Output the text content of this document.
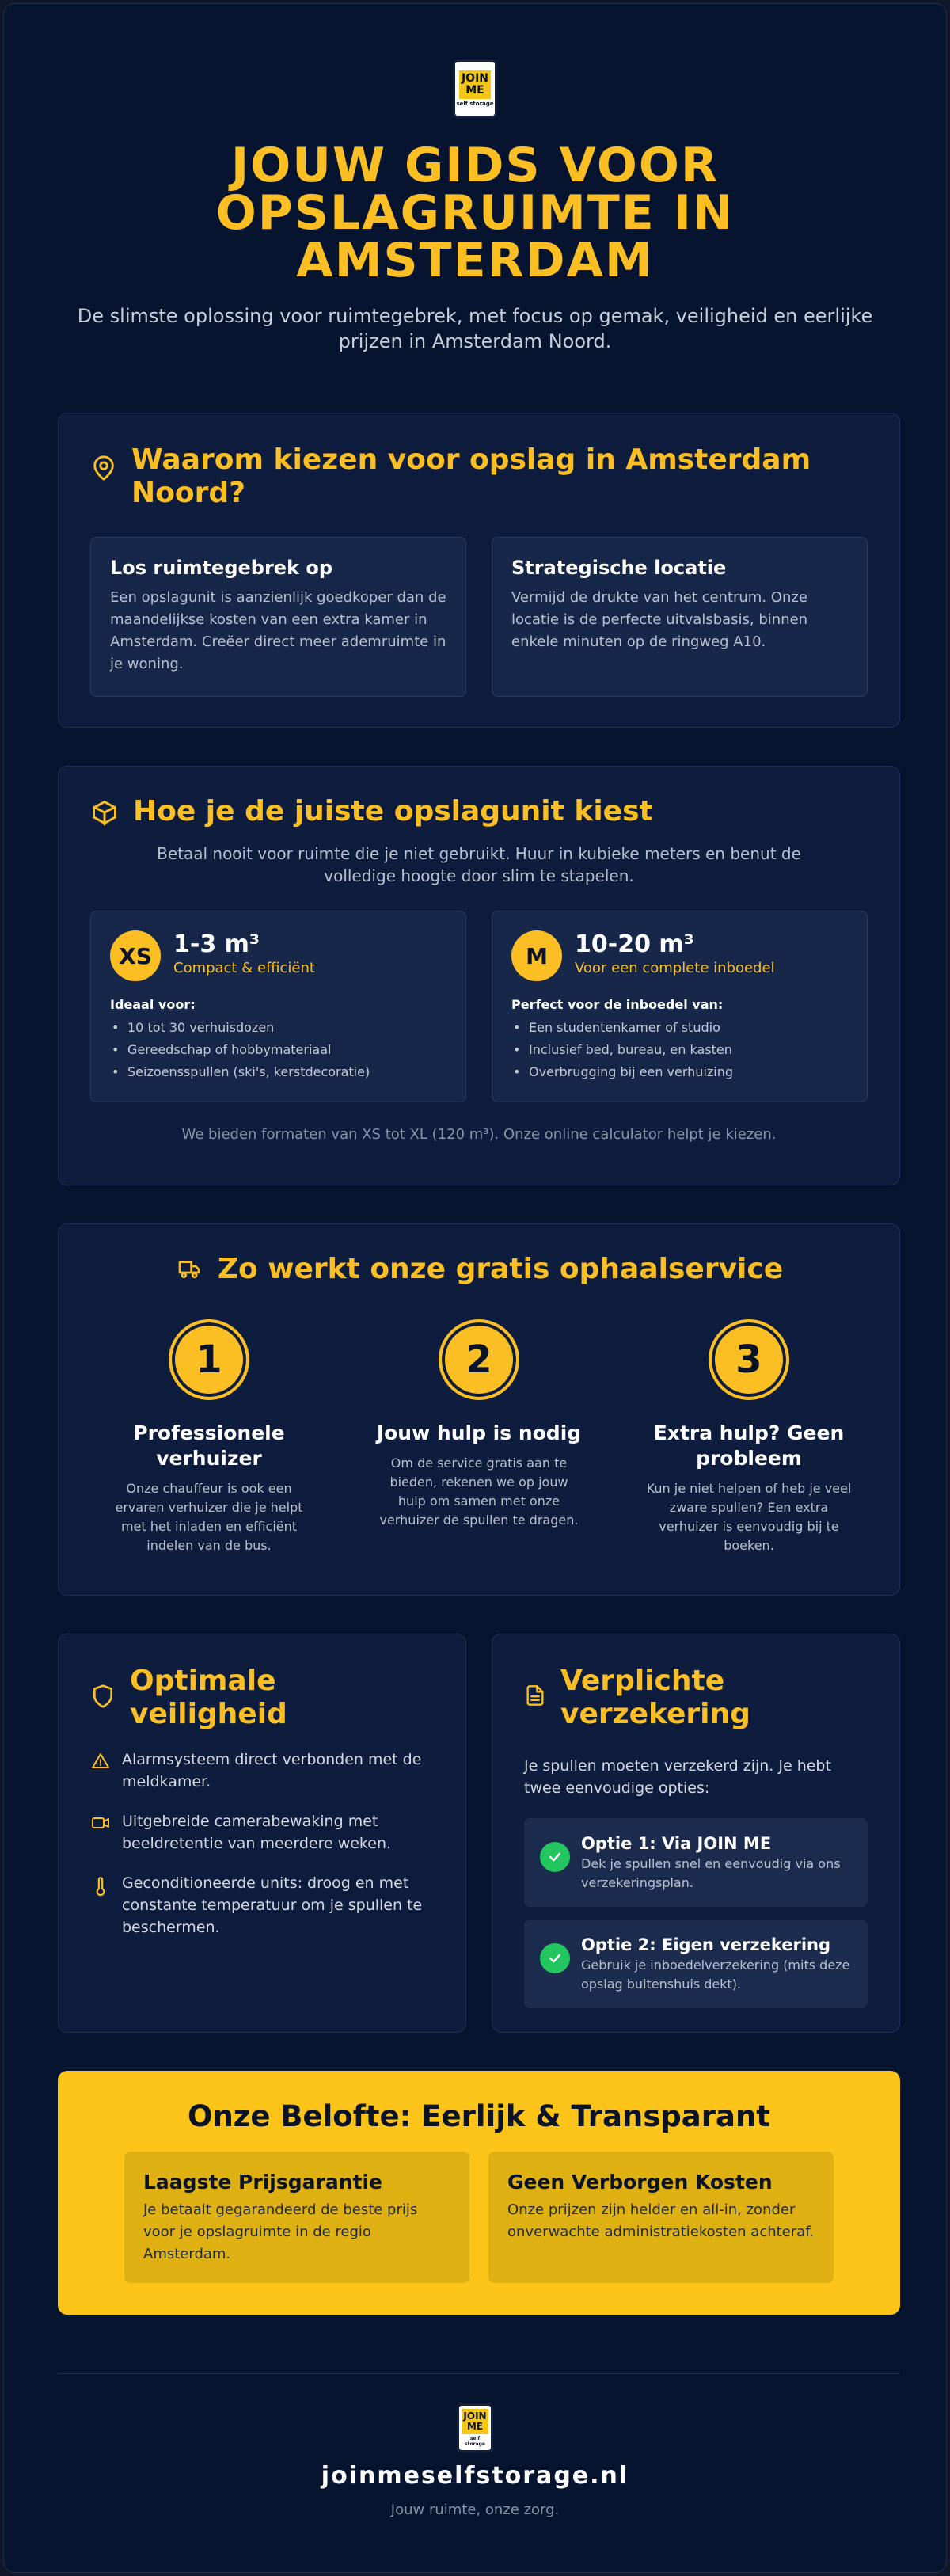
JOIN ME
self storage
JOUW GIDS VOOR OPSLAGRUIMTE IN AMSTERDAM

De slimste oplossing voor ruimtegebrek, met focus op gemak, veiligheid en eerlijke prijzen in Amsterdam Noord.

Waarom kiezen voor opslag in Amsterdam Noord?
Los ruimtegebrek op

Een opslagunit is aanzienlijk goedkoper dan de maandelijkse kosten van een extra kamer in Amsterdam. Creëer direct meer ademruimte in je woning.

Strategische locatie

Vermijd de drukte van het centrum. Onze locatie is de perfecte uitvalsbasis, binnen enkele minuten op de ringweg A10.

Hoe je de juiste opslagunit kiest

Betaal nooit voor ruimte die je niet gebruikt. Huur in kubieke meters en benut de volledige hoogte door slim te stapelen.

XS 1-3 m³
Compact & efficiënt
Ideaal voor:
• 10 tot 30 verhuisdozen
• Gereedschap of hobbymateriaal
• Seizoensspullen (ski's, kerstdecoratie)
M	10-20 m³
Voor een complete inboedel
Perfect voor de inboedel van:
• Een studentenkamer of studio
• Inclusief bed, bureau, en kasten
• Overbrugging bij een verhuizing

We bieden formaten van XS tot XL (120 m³). Onze online calculator helpt je kiezen.

Zo werkt onze gratis ophaalservice
1
Professionele verhuizer

Onze chauffeur is ook een ervaren verhuizer die je helpt met het inladen en efficiënt indelen van de bus.

2
Jouw hulp is nodig

Om de service gratis aan te bieden, rekenen we op jouw hulp om samen met onze verhuizer de spullen te dragen.

3
Extra hulp? Geen probleem

Kun je niet helpen of heb je veel zware spullen? Een extra verhuizer is eenvoudig bij te boeken.

Optimale veiligheid
Alarmsysteem direct verbonden met de meldkamer.
Uitgebreide camerabewaking met beeldretentie van meerdere weken.
Geconditioneerde units: droog en met constante temperatuur om je spullen te beschermen.
Verplichte verzekering

Je spullen moeten verzekerd zijn. Je hebt twee eenvoudige opties:

Optie 1: Via JOIN ME

Dek je spullen snel en eenvoudig via ons verzekeringsplan.

Optie 2: Eigen verzekering

Gebruik je inboedelverzekering (mits deze opslag buitenshuis dekt).

Onze Belofte: Eerlijk & Transparant
Laagste Prijsgarantie

Je betaalt gegarandeerd de beste prijs voor je opslagruimte in de regio Amsterdam.

Geen Verborgen Kosten

Onze prijzen zijn helder en all-in, zonder onverwachte administratiekosten achteraf.

JOIN ME
self storage
joinmeselfstorage.nl
Jouw ruimte, onze zorg.
